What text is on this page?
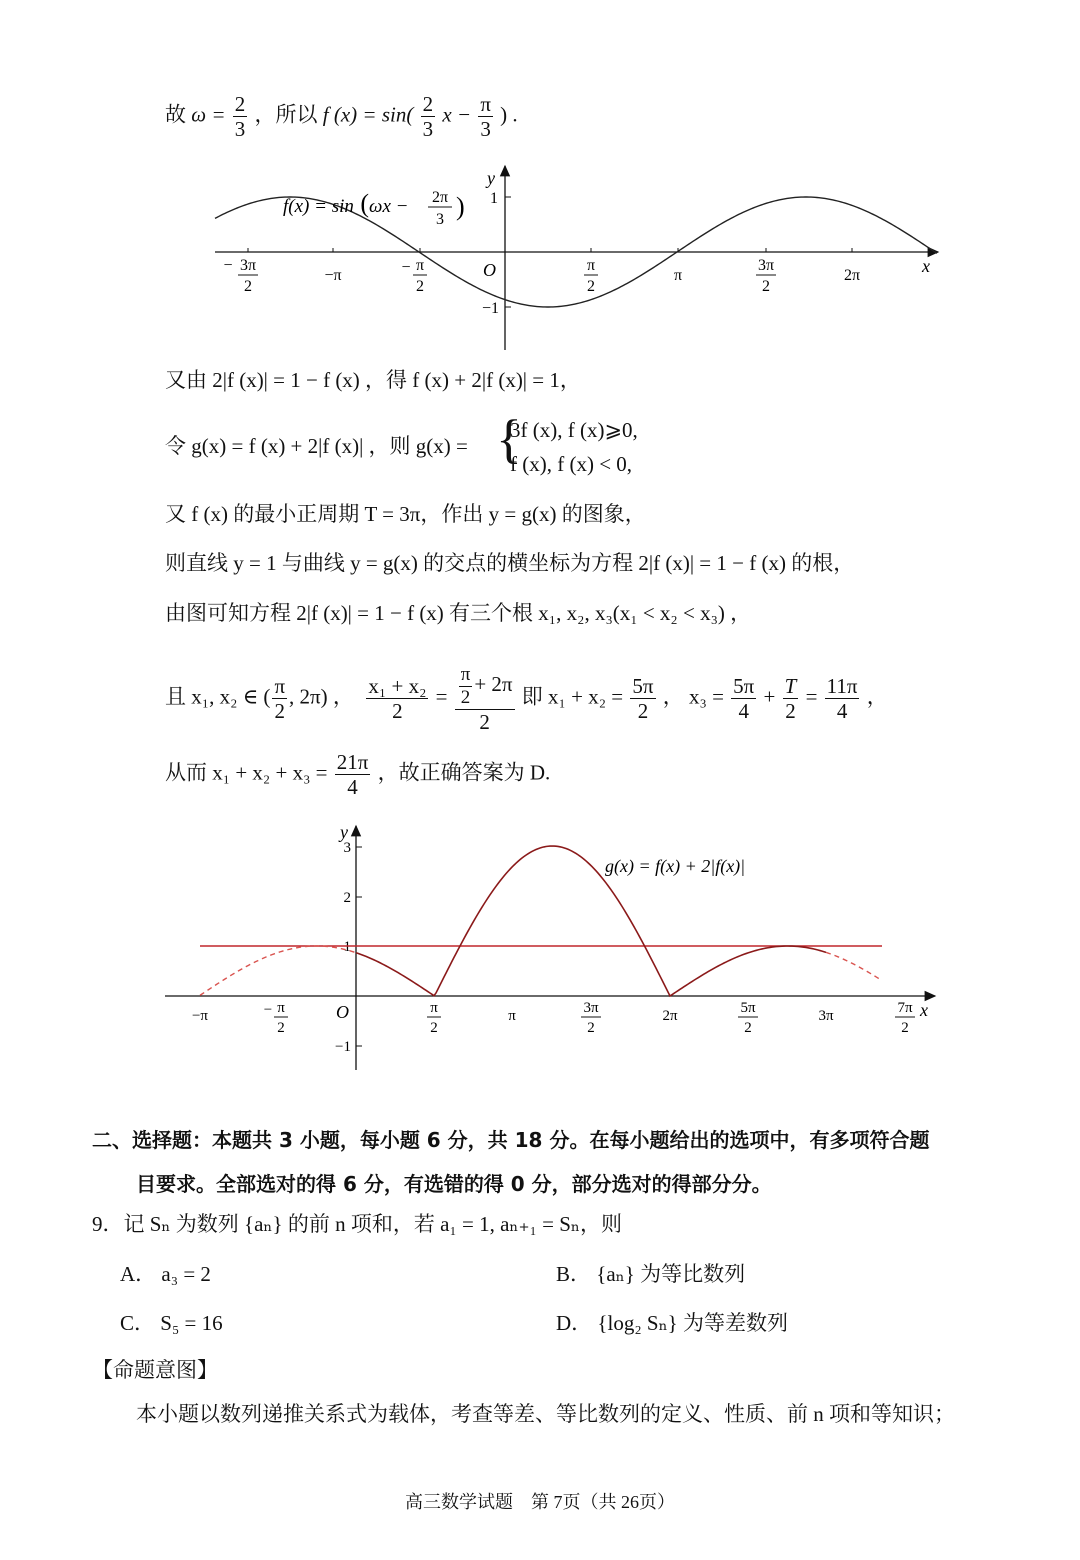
故 $\omega = \frac{2}{3}$ ，所以 f $(x) = \sin( \frac{2}{3}$ $x - \frac{\pi}{3}$ ) .
x
y
O
1
−1
− 3π
2
−π	− π
2
π
2
π
3π
2
2π
f(x) = sin (ωx − 2π
3 )
又由 2|f (x)| = 1 − f (x) ，得 f (x) + 2|f (x)| = 1，
令 g(x) = f (x) + 2|f (x)| ，则 g(x) = {
3f (x), f (x)⩾0,
f (x), f (x) < 0,
又 f (x) 的最小正周期 T = 3π，作出 y = g(x) 的图象，
则直线 y = 1 与曲线 y = g(x) 的交点的横坐标为方程 2|f (x)| = 1 − f (x) 的根，
由图可知方程 2|f (x)| = 1 − f (x) 有三个根 x₁, x₂, x₃(x₁ < x₂ < x₃) ，
且 x₁, x₂ ∈ ( $\frac{\pi}{2}$ , 2π) ， $\frac{\text{x₁ + x₂}}{2} = \frac{\frac{\pi}{2} + 2\pi}{2}$ 即 $x_1 + x_2 = \frac{5\pi}{2}$ ， $x_3 = \frac{5\pi}{4} + \frac{T}{2} = \frac{11\pi}{4}$ ，
从而 $x_1 + x_2 + x_3 = \frac{21\pi}{4}$ ，故正确答案为 D.
x
y
O
3
2
1
−1
−π	− π
2
π
2
π	3π
2
2π	5π
2
3π	7π
2
g(x) = f(x) + 2|f(x)|
二、选择题：本题共 3 小题，每小题 6 分，共 18 分。在每小题给出的选项中，有多项符合题
目要求。全部选对的得 6 分，有选错的得 0 分，部分选对的得部分分。
9．记 Sₙ 为数列 {aₙ} 的前 n 项和，若 a₁ = 1, aₙ₊₁ = Sₙ，则
A． a₃ = 2	B． {aₙ} 为等比数列
C． S₅ = 16	D． {log₂ Sₙ} 为等差数列
【命题意图】
本小题以数列递推关系式为载体，考查等差、等比数列的定义、性质、前 n 项和等知识；
高三数学试题　第 7页（共 26页）
